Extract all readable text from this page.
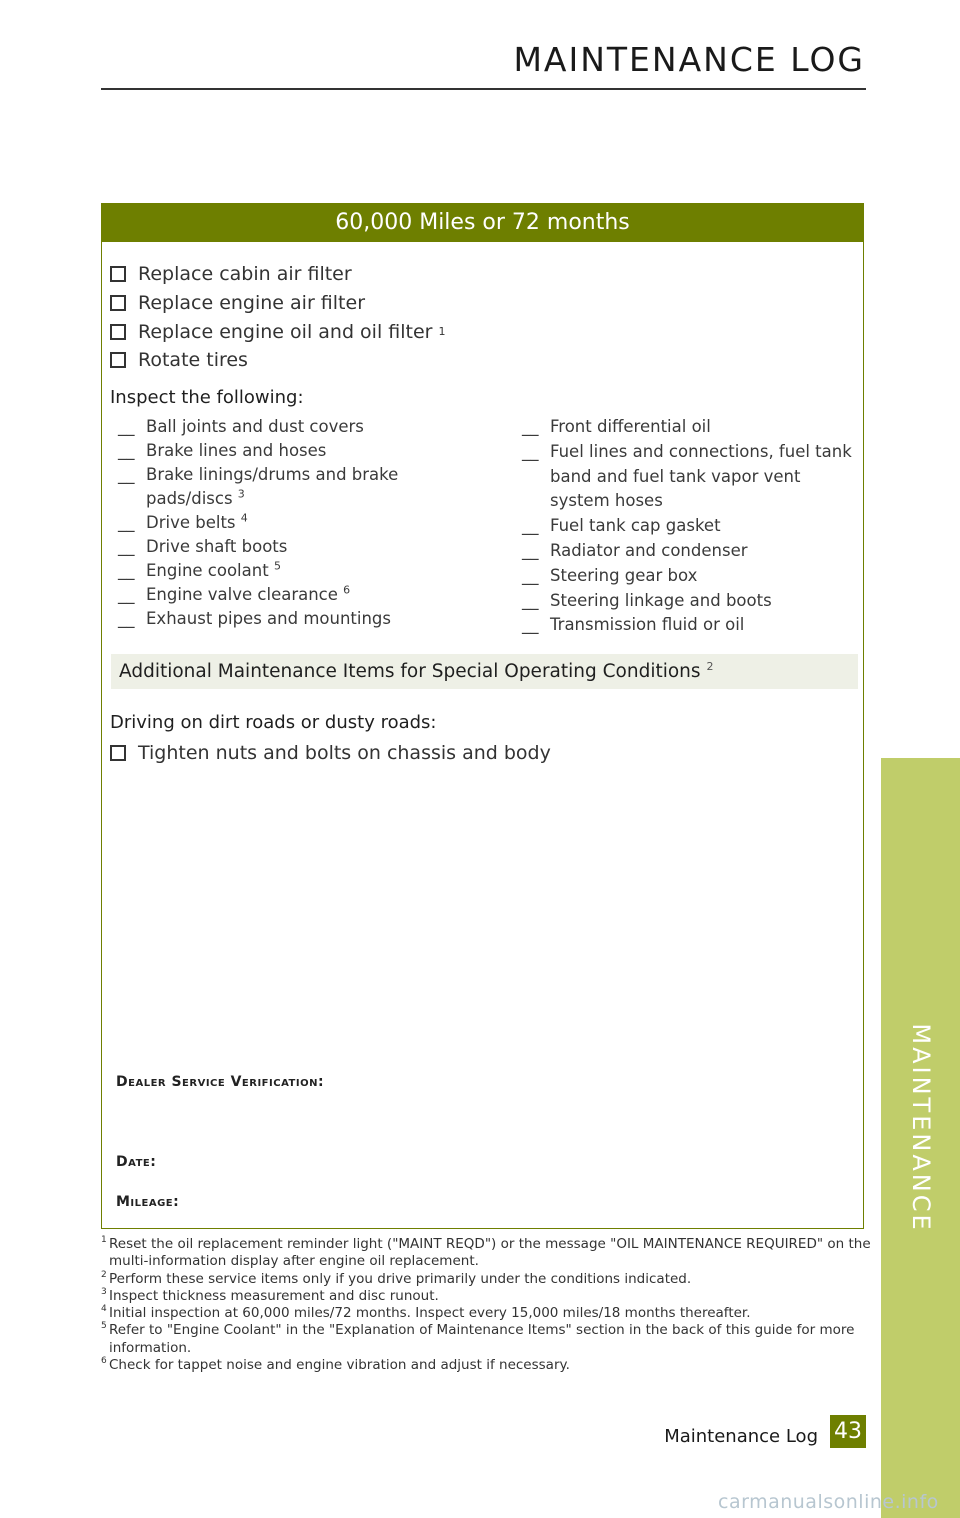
MAINTENANCE LOG
60,000 Miles or 72 months
Replace cabin air filter
Replace engine air filter
Replace engine oil and oil filter
1
Rotate tires
Inspect the following:
__ Ball joints and dust covers
__ Brake lines and hoses
__ Brake linings/drums and brake pads/discs $^3$
__ Drive belts $^4$
__ Drive shaft boots
__ Engine coolant $^5$
__ Engine valve clearance $^6$
__ Exhaust pipes and mountings
__ Front differential oil
__ Fuel lines and connections, fuel tank band and fuel tank vapor vent system hoses
__ Fuel tank cap gasket
__ Radiator and condenser
__ Steering gear box
__ Steering linkage and boots
__ Transmission fluid or oil
Additional Maintenance Items for Special Operating Conditions $^2$
Driving on dirt roads or dusty roads:
Tighten nuts and bolts on chassis and body
Dealer Service Verification:
Date:
Mileage:
1 Reset the oil replacement reminder light ("MAINT REQD") or the message "OIL MAINTENANCE REQUIRED" on the multi-information display after engine oil replacement.
2 Perform these service items only if you drive primarily under the conditions indicated.
3 Inspect thickness measurement and disc runout.
4 Initial inspection at 60,000 miles/72 months. Inspect every 15,000 miles/18 months thereafter.
5 Refer to "Engine Coolant" in the "Explanation of Maintenance Items" section in the back of this guide for more information.
6 Check for tappet noise and engine vibration and adjust if necessary.
MAINTENANCE
Maintenance Log 43
carmanualsonline.info
